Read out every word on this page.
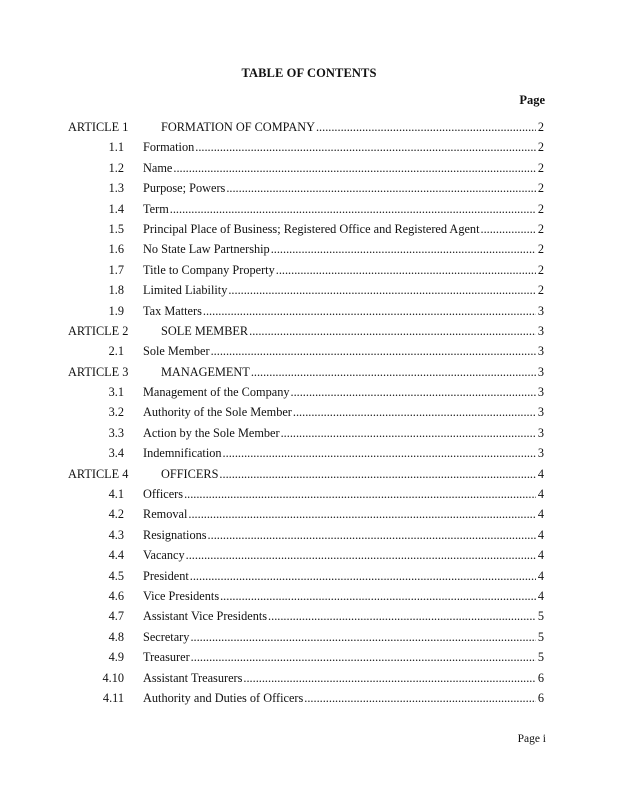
TABLE OF CONTENTS
Page
ARTICLE 1	FORMATION OF COMPANY .....	2
1.1 Formation .....	2
1.2 Name .....	2
1.3 Purpose; Powers .....	2
1.4 Term .....	2
1.5 Principal Place of Business; Registered Office and Registered Agent .....	2
1.6 No State Law Partnership .....	2
1.7 Title to Company Property .....	2
1.8 Limited Liability .....	2
1.9 Tax Matters .....	3
ARTICLE 2	SOLE MEMBER .....	3
2.1 Sole Member .....	3
ARTICLE 3	MANAGEMENT .....	3
3.1 Management of the Company .....	3
3.2 Authority of the Sole Member .....	3
3.3 Action by the Sole Member .....	3
3.4 Indemnification .....	3
ARTICLE 4	OFFICERS .....	4
4.1 Officers .....	4
4.2 Removal .....	4
4.3 Resignations .....	4
4.4 Vacancy .....	4
4.5 President .....	4
4.6 Vice Presidents .....	4
4.7 Assistant Vice Presidents .....	5
4.8 Secretary .....	5
4.9 Treasurer .....	5
4.10 Assistant Treasurers .....	6
4.11 Authority and Duties of Officers .....	6
Page i
